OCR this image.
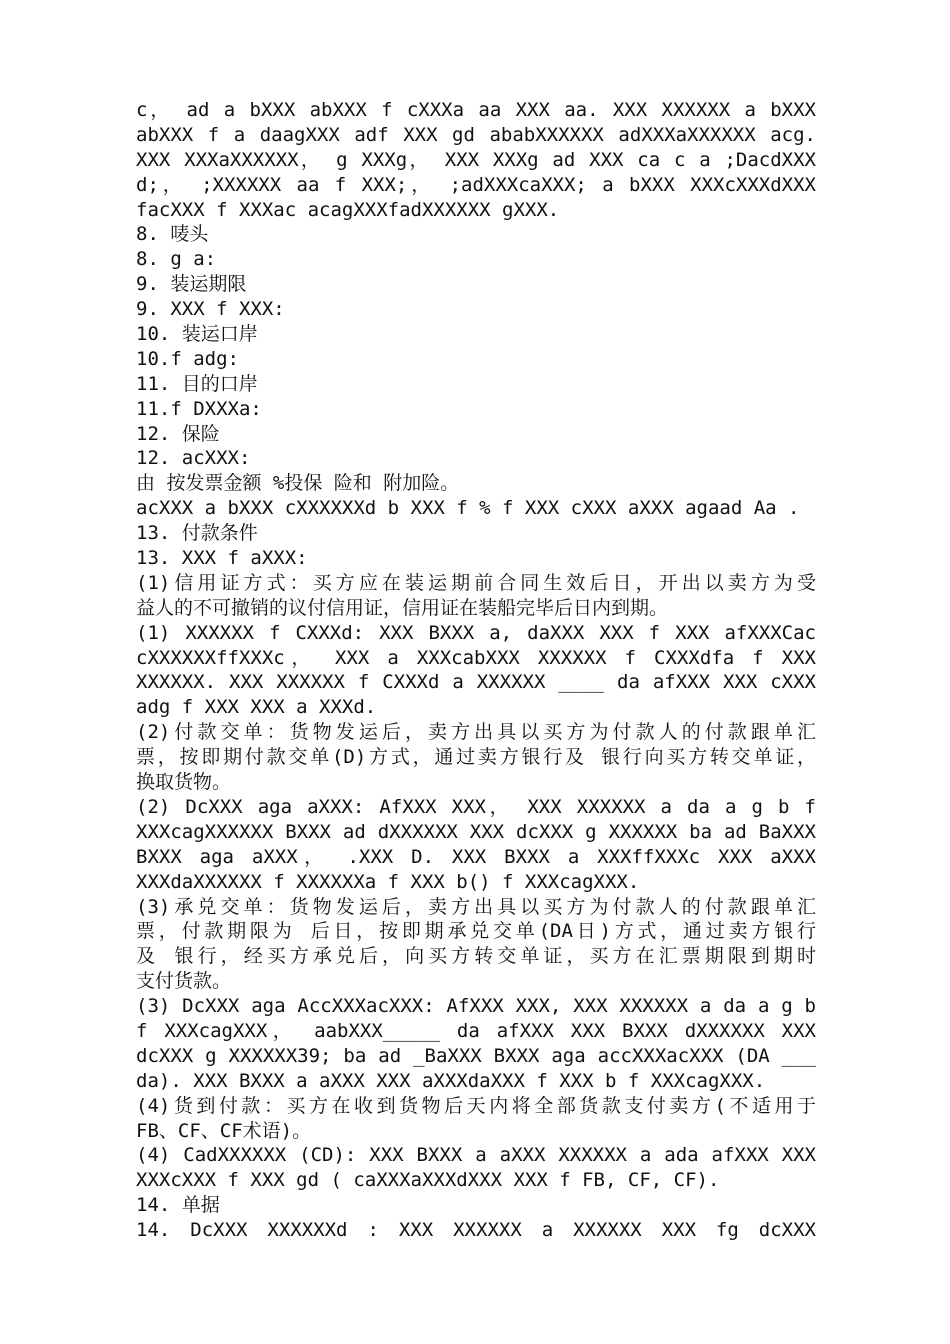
c， ad a bXXX abXXX f cXXXa aa XXX aa. XXX XXXXXX a bXXX
abXXX f a daagXXX adf XXX gd ababXXXXXX adXXXaXXXXXX acg.
XXX XXXaXXXXXX， g XXXg， XXX XXXg ad XXX ca c a ;DacdXXX
d;， ;XXXXXX aa f XXX;， ;adXXXcaXXX; a bXXX XXXcXXXdXXX
facXXX f XXXac acagXXXfadXXXXXX gXXX.
8. 唛头
8. g a:
9. 装运期限
9. XXX f XXX:
10. 装运口岸
10.f adg:
11. 目的口岸
11.f DXXXa:
12. 保险
12. acXXX:
由 按发票金额 %投保 险和 附加险。
acXXX a bXXX cXXXXXXd b XXX f % f XXX cXXX aXXX agaad Aa .
13. 付款条件
13. XXX f aXXX:
(1)信用证方式：买方应在装运期前合同生效后日，开出以卖方为受
益人的不可撤销的议付信用证，信用证在装船完毕后日内到期。
(1) XXXXXX f CXXXd: XXX BXXX a, daXXX XXX f XXX afXXXCac
cXXXXXXffXXXc， XXX a XXXcabXXX XXXXXX f CXXXdfa f XXX
XXXXXX. XXX XXXXXX f CXXXd a XXXXXX ____ da afXXX XXX cXXX
adg f XXX XXX a XXXd.
(2)付款交单：货物发运后，卖方出具以买方为付款人的付款跟单汇
票，按即期付款交单(D)方式，通过卖方银行及 银行向买方转交单证，
换取货物。
(2) DcXXX aga aXXX: AfXXX XXX， XXX XXXXXX a da a g b f
XXXcagXXXXXX BXXX ad dXXXXXX XXX dcXXX g XXXXXX ba ad BaXXX
BXXX aga aXXX， .XXX D. XXX BXXX a XXXffXXXc XXX aXXX
XXXdaXXXXXX f XXXXXXa f XXX b() f XXXcagXXX.
(3)承兑交单：货物发运后，卖方出具以买方为付款人的付款跟单汇
票，付款期限为 后日，按即期承兑交单(DA日)方式，通过卖方银行
及 银行，经买方承兑后，向买方转交单证，买方在汇票期限到期时
支付货款。
(3) DcXXX aga AccXXXacXXX: AfXXX XXX, XXX XXXXXX a da a g b
f XXXcagXXX， aabXXX_____ da afXXX XXX BXXX dXXXXXX XXX
dcXXX g XXXXXX39; ba ad _BaXXX BXXX aga accXXXacXXX (DA ___
da). XXX BXXX a aXXX XXX aXXXdaXXX f XXX b f XXXcagXXX.
(4)货到付款：买方在收到货物后天内将全部货款支付卖方(不适用于
FB、CF、CF术语)。
(4) CadXXXXXX (CD): XXX BXXX a aXXX XXXXXX a ada afXXX XXX
XXXcXXX f XXX gd ( caXXXaXXXdXXX XXX f FB, CF, CF).
14. 单据
14. DcXXX XXXXXXd : XXX XXXXXX a XXXXXX XXX fg dcXXX
